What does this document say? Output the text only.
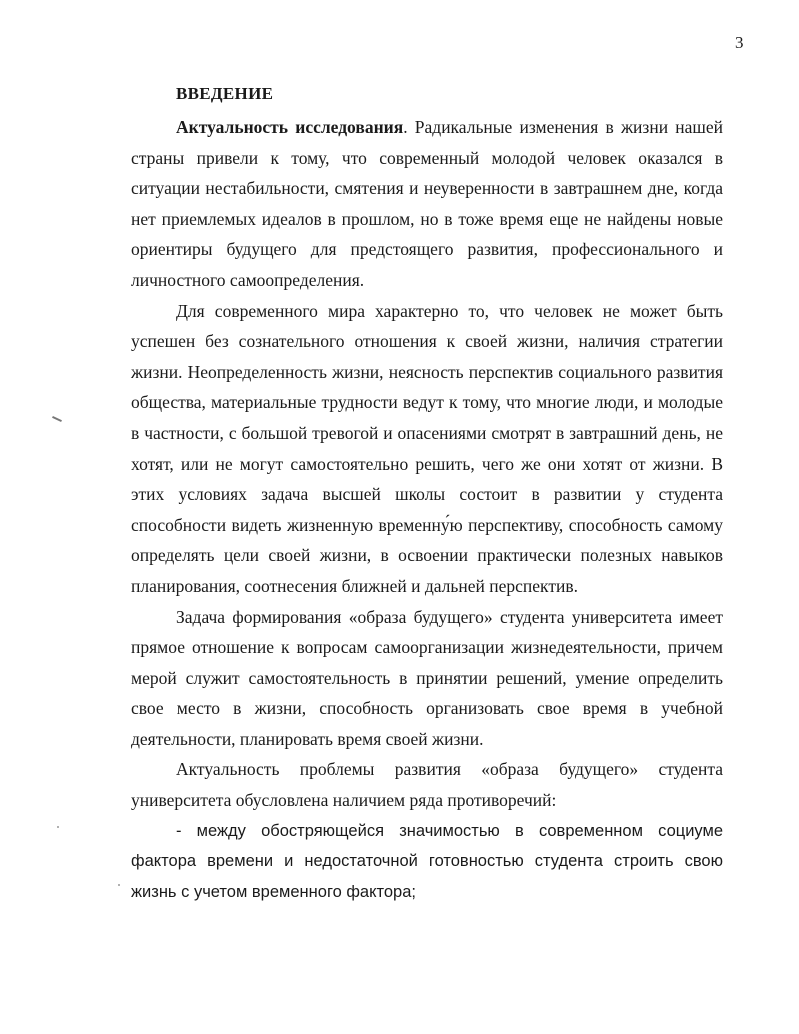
3
ВВЕДЕНИЕ

Актуальность исследования. Радикальные изменения в жизни нашей страны привели к тому, что современный молодой человек оказался в ситуации нестабильности, смятения и неуверенности в завтрашнем дне, когда нет приемлемых идеалов в прошлом, но в тоже время еще не найдены новые ориентиры будущего для предстоящего развития, профессионального и личностного самоопределения.

Для современного мира характерно то, что человек не может быть успешен без сознательного отношения к своей жизни, наличия стратегии жизни. Неопределенность жизни, неясность перспектив социального развития общества, материальные трудности ведут к тому, что многие люди, и молодые в частности, с большой тревогой и опасениями смотрят в завтрашний день, не хотят, или не могут самостоятельно решить, чего же они хотят от жизни. В этих условиях задача высшей школы состоит в развитии у студента способности видеть жизненную временну́ю перспективу, способность самому определять цели своей жизни, в освоении практически полезных навыков планирования, соотнесения ближней и дальней перспектив.

Задача формирования «образа будущего» студента университета имеет прямое отношение к вопросам самоорганизации жизнедеятельности, причем мерой служит самостоятельность в принятии решений, умение определить свое место в жизни, способность организовать свое время в учебной деятельности, планировать время своей жизни.

Актуальность проблемы развития «образа будущего» студента университета обусловлена наличием ряда противоречий:

- между обостряющейся значимостью в современном социуме фактора времени и недостаточной готовностью студента строить свою жизнь с учетом временного фактора;
